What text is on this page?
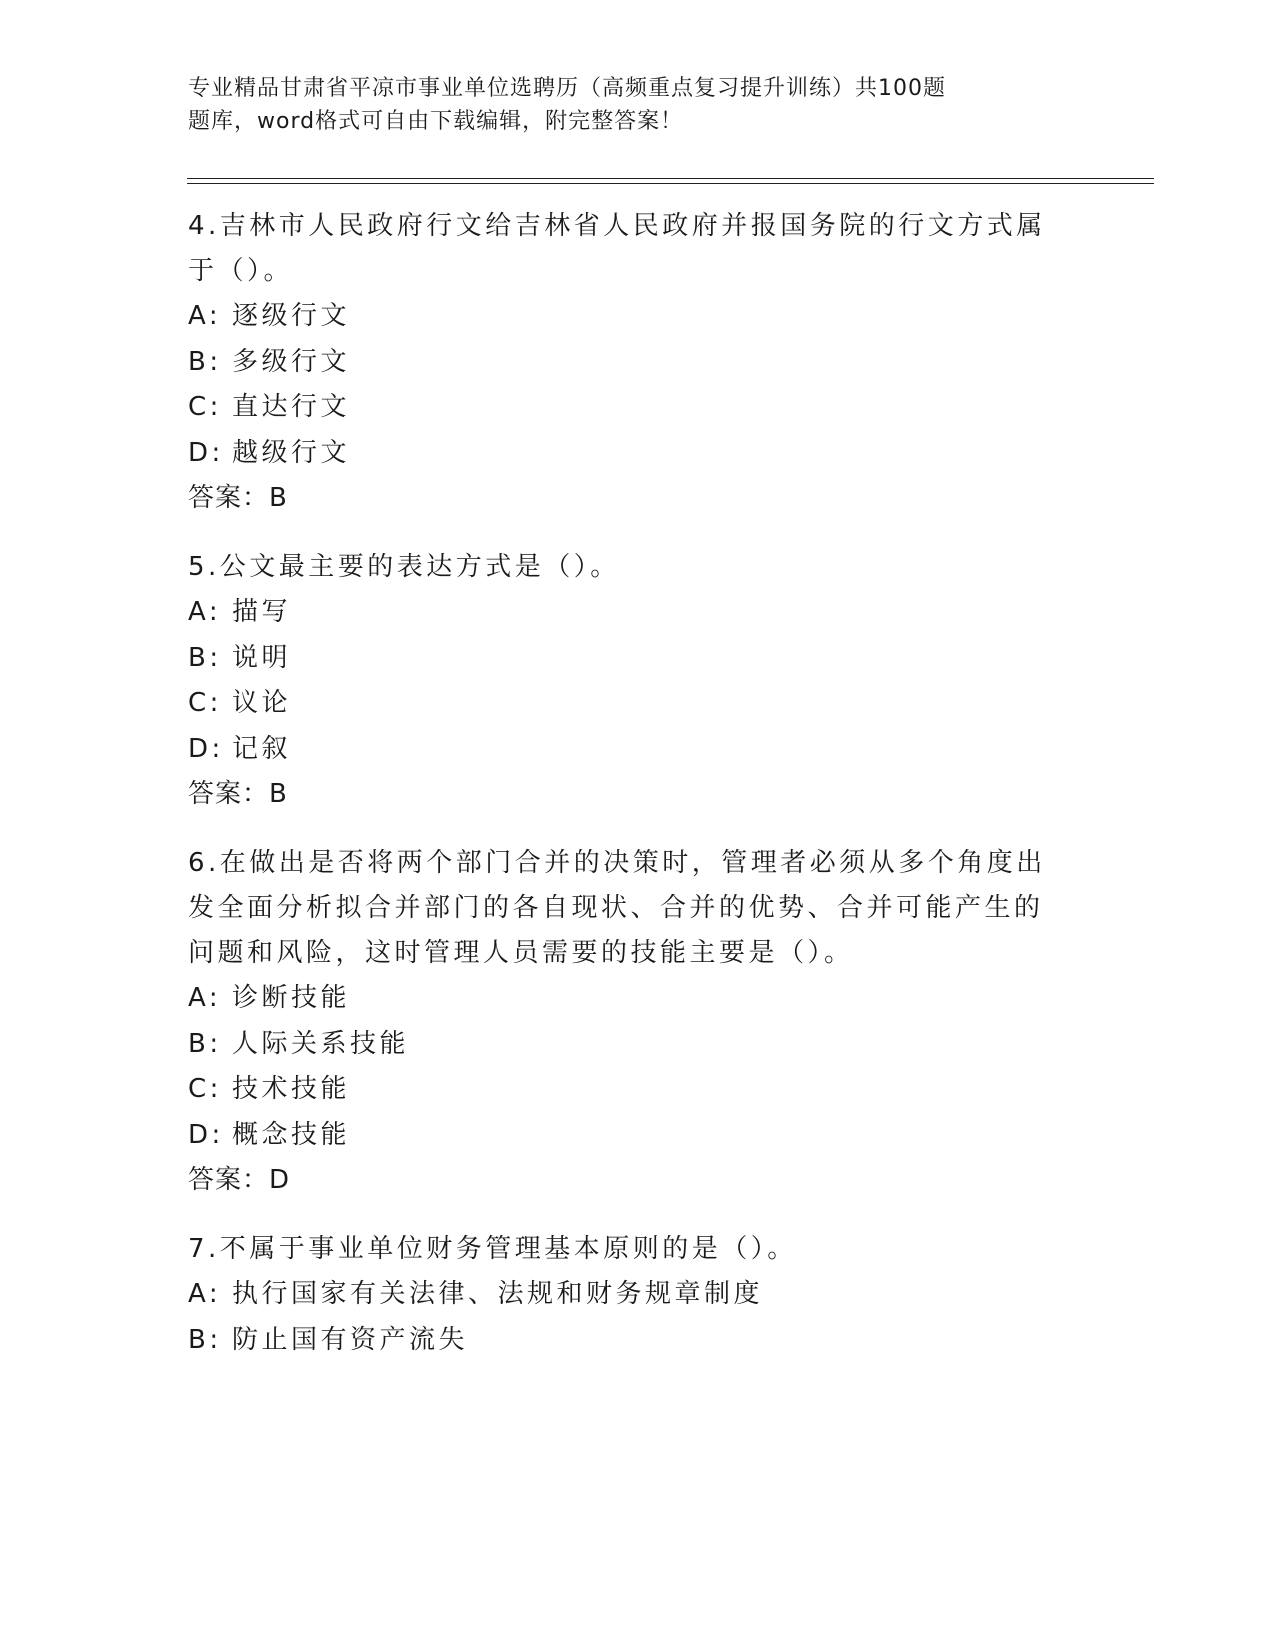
专业精品甘肃省平凉市事业单位选聘历（高频重点复习提升训练）共100题
题库，word格式可自由下载编辑，附完整答案！

4.吉林市人民政府行文给吉林省人民政府并报国务院的行文方式属于（）。

A: 逐级行文

B: 多级行文

C: 直达行文

D: 越级行文

答案：B

5.公文最主要的表达方式是（）。

A: 描写

B: 说明

C: 议论

D: 记叙

答案：B

6.在做出是否将两个部门合并的决策时，管理者必须从多个角度出发全面分析拟合并部门的各自现状、合并的优势、合并可能产生的问题和风险，这时管理人员需要的技能主要是（）。

A: 诊断技能

B: 人际关系技能

C: 技术技能

D: 概念技能

答案：D

7.不属于事业单位财务管理基本原则的是（）。

A: 执行国家有关法律、法规和财务规章制度

B: 防止国有资产流失
